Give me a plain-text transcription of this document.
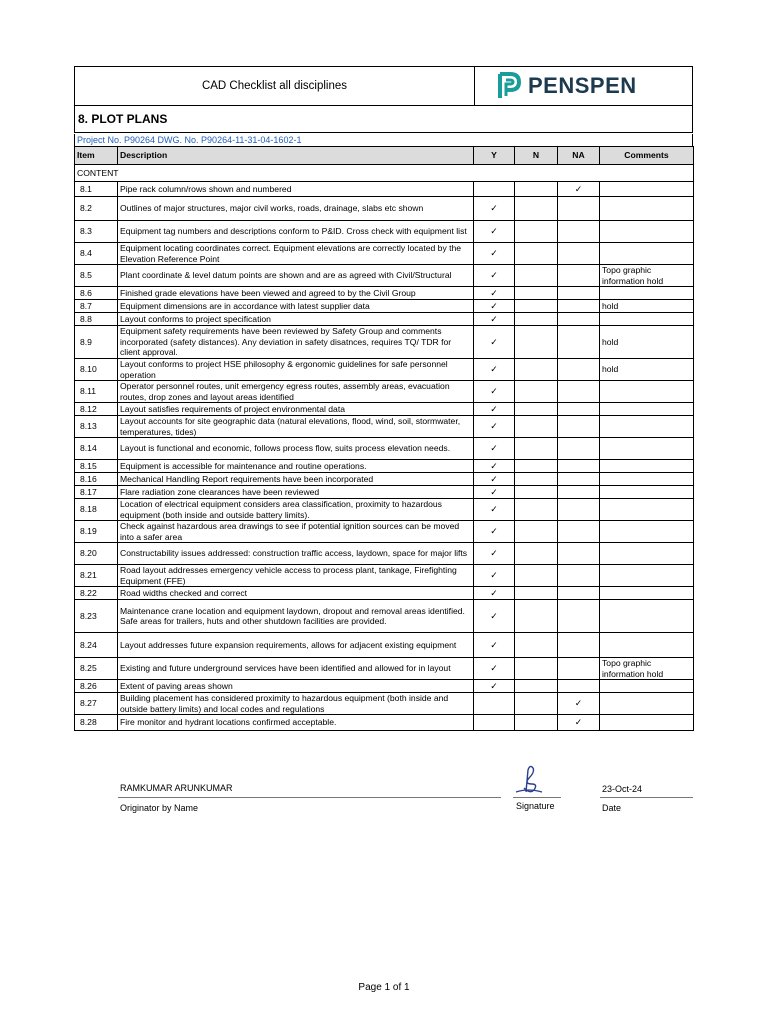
CAD Checklist all disciplines	PENSPEN
8. PLOT PLANS
Project No. P90264 DWG. No. P90264-11-31-04-1602-1
Item	Description	Y	N	NA	Comments
CONTENT					
8.1	Pipe rack column/rows shown and numbered			✓	
8.2	Outlines of major structures, major civil works, roads, drainage, slabs etc shown	✓			
8.3	Equipment tag numbers and descriptions conform to P&ID. Cross check with equipment list	✓			
8.4	Equipment locating coordinates correct. Equipment elevations are correctly located by the Elevation Reference Point	✓			
8.5	Plant coordinate & level datum points are shown and are as agreed with Civil/Structural	✓			Topo graphic information hold
8.6	Finished grade elevations have been viewed and agreed to by the Civil Group	✓			
8.7	Equipment dimensions are in accordance with latest supplier data	✓			hold
8.8	Layout conforms to project specification	✓			
8.9	Equipment safety requirements have been reviewed by Safety Group and comments incorporated (safety distances). Any deviation in safety disatnces, requires TQ/ TDR for client approval.	✓			hold
8.10	Layout conforms to project HSE philosophy & ergonomic guidelines for safe personnel operation	✓			hold
8.11	Operator personnel routes, unit emergency egress routes, assembly areas, evacuation routes, drop zones and layout areas identified	✓			
8.12	Layout satisfies requirements of project environmental data	✓			
8.13	Layout accounts for site geographic data (natural elevations, flood, wind, soil, stormwater, temperatures, tides)	✓			
8.14	Layout is functional and economic, follows process flow, suits process elevation needs.	✓			
8.15	Equipment is accessible for maintenance and routine operations.	✓			
8.16	Mechanical Handling Report requirements have been incorporated	✓			
8.17	Flare radiation zone clearances have been reviewed	✓			
8.18	Location of electrical equipment considers area classification, proximity to hazardous equipment (both inside and outside battery limits).	✓			
8.19	Check against hazardous area drawings to see if potential ignition sources can be moved into a safer area	✓			
8.20	Constructability issues addressed: construction traffic access, laydown, space for major lifts	✓			
8.21	Road layout addresses emergency vehicle access to process plant, tankage, Firefighting Equipment (FFE)	✓			
8.22	Road widths checked and correct	✓			
8.23	Maintenance crane location and equipment laydown, dropout and removal areas identified. Safe areas for trailers, huts and other shutdown facilities are provided.	✓			
8.24	Layout addresses future expansion requirements, allows for adjacent existing equipment	✓			
8.25	Existing and future underground services have been identified and allowed for in layout	✓			Topo graphic information hold
8.26	Extent of paving areas shown	✓			
8.27	Building placement has considered proximity to hazardous equipment (both inside and outside battery limits) and local codes and regulations			✓	
8.28	Fire monitor and hydrant locations confirmed acceptable.			✓	
RAMKUMAR ARUNKUMAR
Originator by Name	Signature
23-Oct-24
Date
Page 1 of 1
